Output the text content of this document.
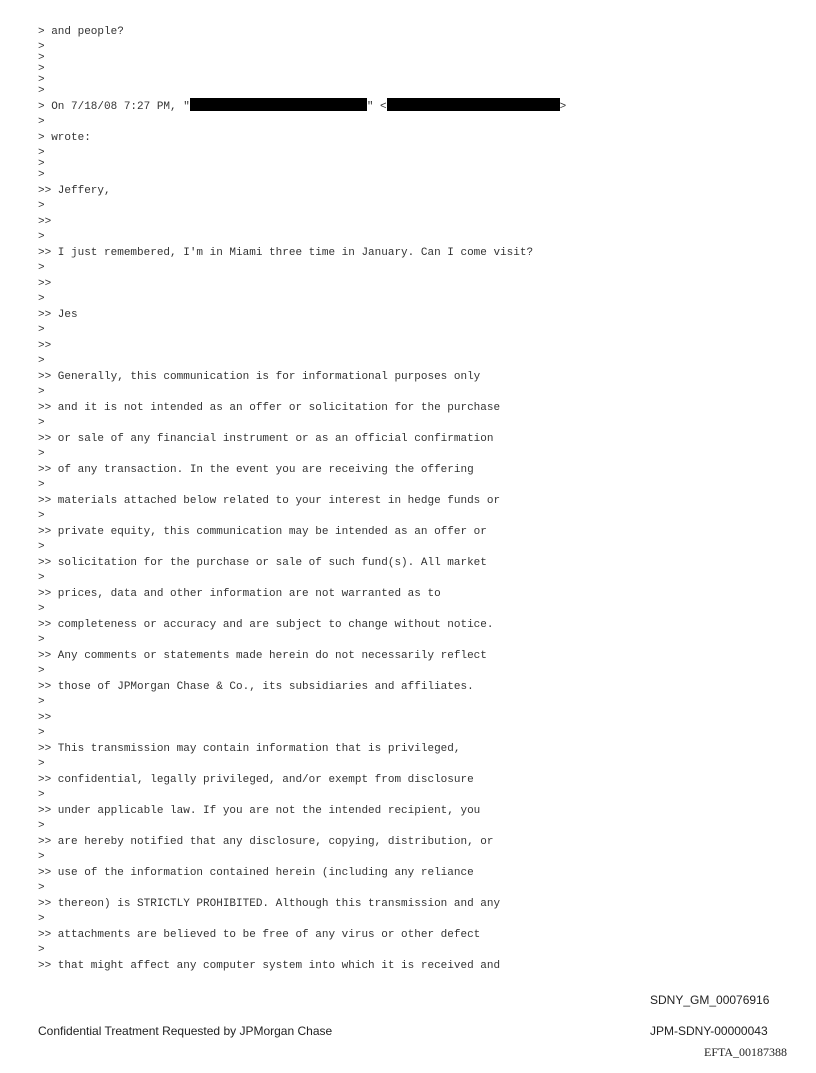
> and people?
>
>
>
>
>
> On 7/18/08 7:27 PM, "	" <	>
>
> wrote:
>
>
>
>> Jeffery,
>
>>
>
>> I just remembered, I'm in Miami three time in January. Can I come visit?
>
>>
>
>> Jes
>
>>
>
>> Generally, this communication is for informational purposes only
>
>> and it is not intended as an offer or solicitation for the purchase
>
>> or sale of any financial instrument or as an official confirmation
>
>> of any transaction. In the event you are receiving the offering
>
>> materials attached below related to your interest in hedge funds or
>
>> private equity, this communication may be intended as an offer or
>
>> solicitation for the purchase or sale of such fund(s). All market
>
>> prices, data and other information are not warranted as to
>
>> completeness or accuracy and are subject to change without notice.
>
>> Any comments or statements made herein do not necessarily reflect
>
>> those of JPMorgan Chase & Co., its subsidiaries and affiliates.
>
>>
>
>> This transmission may contain information that is privileged,
>
>> confidential, legally privileged, and/or exempt from disclosure
>
>> under applicable law. If you are not the intended recipient, you
>
>> are hereby notified that any disclosure, copying, distribution, or
>
>> use of the information contained herein (including any reliance
>
>> thereon) is STRICTLY PROHIBITED. Although this transmission and any
>
>> attachments are believed to be free of any virus or other defect
>
>> that might affect any computer system into which it is received and
SDNY_GM_00076916
Confidential Treatment Requested by JPMorgan Chase	JPM-SDNY-00000043
EFTA_00187388
